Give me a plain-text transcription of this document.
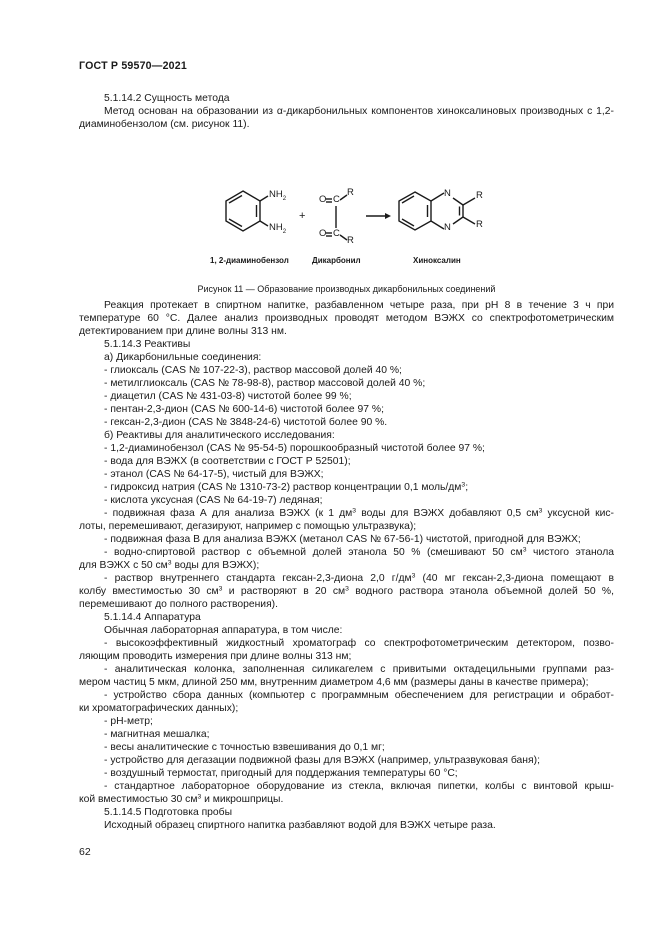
ГОСТ Р 59570—2021

5.1.14.2 Сущность метода

Метод основан на образовании из α-дикарбонильных компонентов хиноксалиновых производных с 1,2-диаминобензолом (см. рисунок 11).

$NH_2$
$NH_2$
+
O C
R
O C
R
N
N
R
R
1, 2-диаминобензол	Дикарбонил	Хиноксалин
Рисунок 11 — Образование производных дикарбонильных соединений

Реакция протекает в спиртном напитке, разбавленном четыре раза, при pH 8 в течение 3 ч при температуре 60 °С. Далее анализ производных проводят методом ВЭЖХ со спектрофотометрическим детектированием при длине волны 313 нм.

5.1.14.3 Реактивы

а) Дикарбонильные соединения:

- глиоксаль (CAS № 107-22-3), раствор массовой долей 40 %;

- метилглиоксаль (CAS № 78-98-8), раствор массовой долей 40 %;

- диацетил (CAS № 431-03-8) чистотой более 99 %;

- пентан-2,3-дион (CAS № 600-14-6) чистотой более 97 %;

- гексан-2,3-дион (CAS № 3848-24-6) чистотой более 90 %.

б) Реактивы для аналитического исследования:

- 1,2-диаминобензол (CAS № 95-54-5) порошкообразный чистотой более 97 %;

- вода для ВЭЖХ (в соответствии с ГОСТ Р 52501);

- этанол (CAS № 64-17-5), чистый для ВЭЖХ;

- гидроксид натрия (CAS № 1310-73-2) раствор концентрации 0,1 моль/$дм^3$;

- кислота уксусная (CAS № 64-19-7) ледяная;

- подвижная фаза А для анализа ВЭЖХ (к 1 $дм^3$ воды для ВЭЖХ добавляют 0,5 $см^3$ уксусной кис-

лоты, перемешивают, дегазируют, например с помощью ультразвука);

- подвижная фаза В для анализа ВЭЖХ (метанол CAS № 67-56-1) чистотой, пригодной для ВЭЖХ;

- водно-спиртовой раствор с объемной долей этанола 50 % (смешивают 50 $см^3$ чистого этанола

для ВЭЖХ с 50 $см^3$ воды для ВЭЖХ);

- раствор внутреннего стандарта гексан-2,3-диона 2,0 $г/дм^3$ (40 мг гексан-2,3-диона помещают в

колбу вместимостью 30 $см^3$ и растворяют в 20 $см^3$ водного раствора этанола объемной долей 50 %,

перемешивают до полного растворения).

5.1.14.4 Аппаратура

Обычная лабораторная аппаратура, в том числе:

- высокоэффективный жидкостный хроматограф со спектрофотометрическим детектором, позво-

ляющим проводить измерения при длине волны 313 нм;

- аналитическая колонка, заполненная силикагелем с привитыми октадецильными группами раз-

мером частиц 5 мкм, длиной 250 мм, внутренним диаметром 4,6 мм (размеры даны в качестве примера);

- устройство сбора данных (компьютер с программным обеспечением для регистрации и обработ-

ки хроматографических данных);

- pH-метр;

- магнитная мешалка;

- весы аналитические с точностью взвешивания до 0,1 мг;

- устройство для дегазации подвижной фазы для ВЭЖХ (например, ультразвуковая баня);

- воздушный термостат, пригодный для поддержания температуры 60 °С;

- стандартное лабораторное оборудование из стекла, включая пипетки, колбы с винтовой крыш-

кой вместимостью 30 $см^3$ и микрошприцы.

5.1.14.5 Подготовка пробы

Исходный образец спиртного напитка разбавляют водой для ВЭЖХ четыре раза.

62
